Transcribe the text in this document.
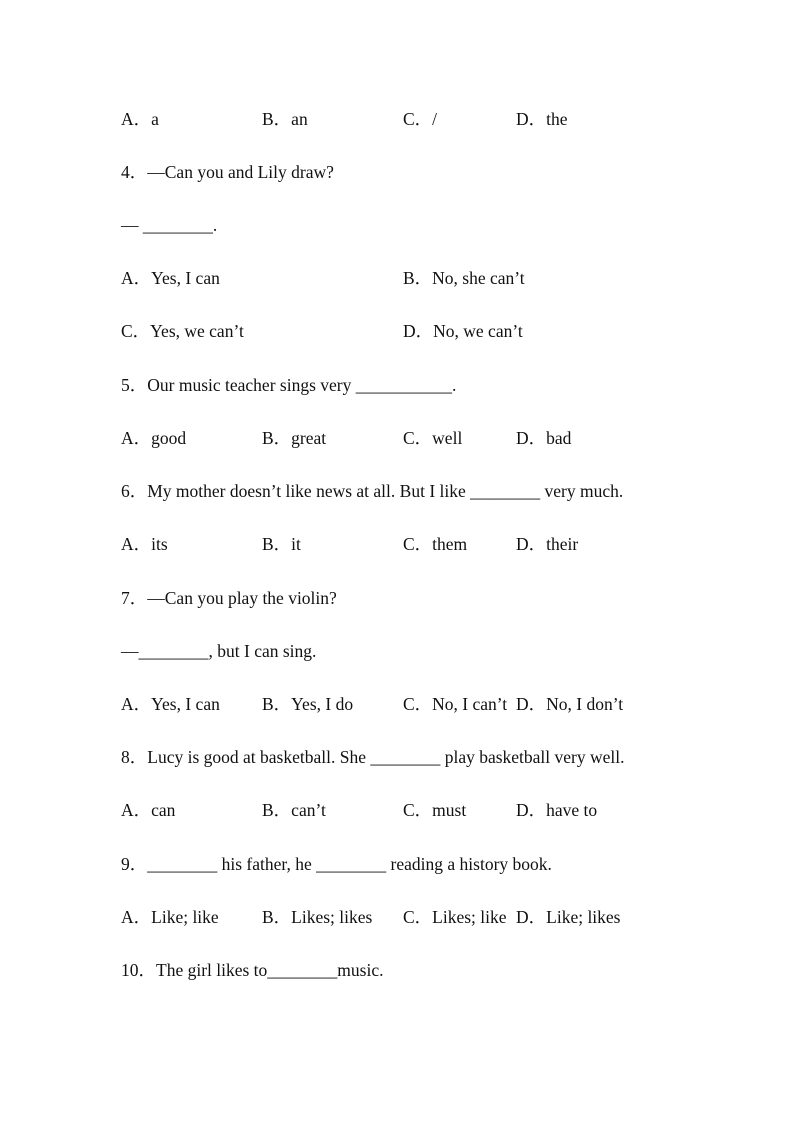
A．a

	B．an

	C．/

	D．the

4．—Can you and Lily draw?
— ________.

A．Yes, I can

	B．No, she can’t

C．Yes, we can’t

	D．No, we can’t

5．Our music teacher sings very ___________.

A．good

	B．great

	C．well

	D．bad

6．My mother doesn’t like news at all. But I like ________ very much.

A．its

	B．it

	C．them

	D．their

7．—Can you play the violin?
—________, but I can sing.

A．Yes, I can

B．Yes, I do

	C．No, I can’t

D．No, I don’t

8．Lucy is good at basketball. She ________ play basketball very well.

A．can

	B．can’t

	C．must

	D．have to

9．________ his father, he ________ reading a history book.

A．Like; like

B．Likes; likes

C．Likes; like

D．Like; likes

10．The girl likes to________music.
